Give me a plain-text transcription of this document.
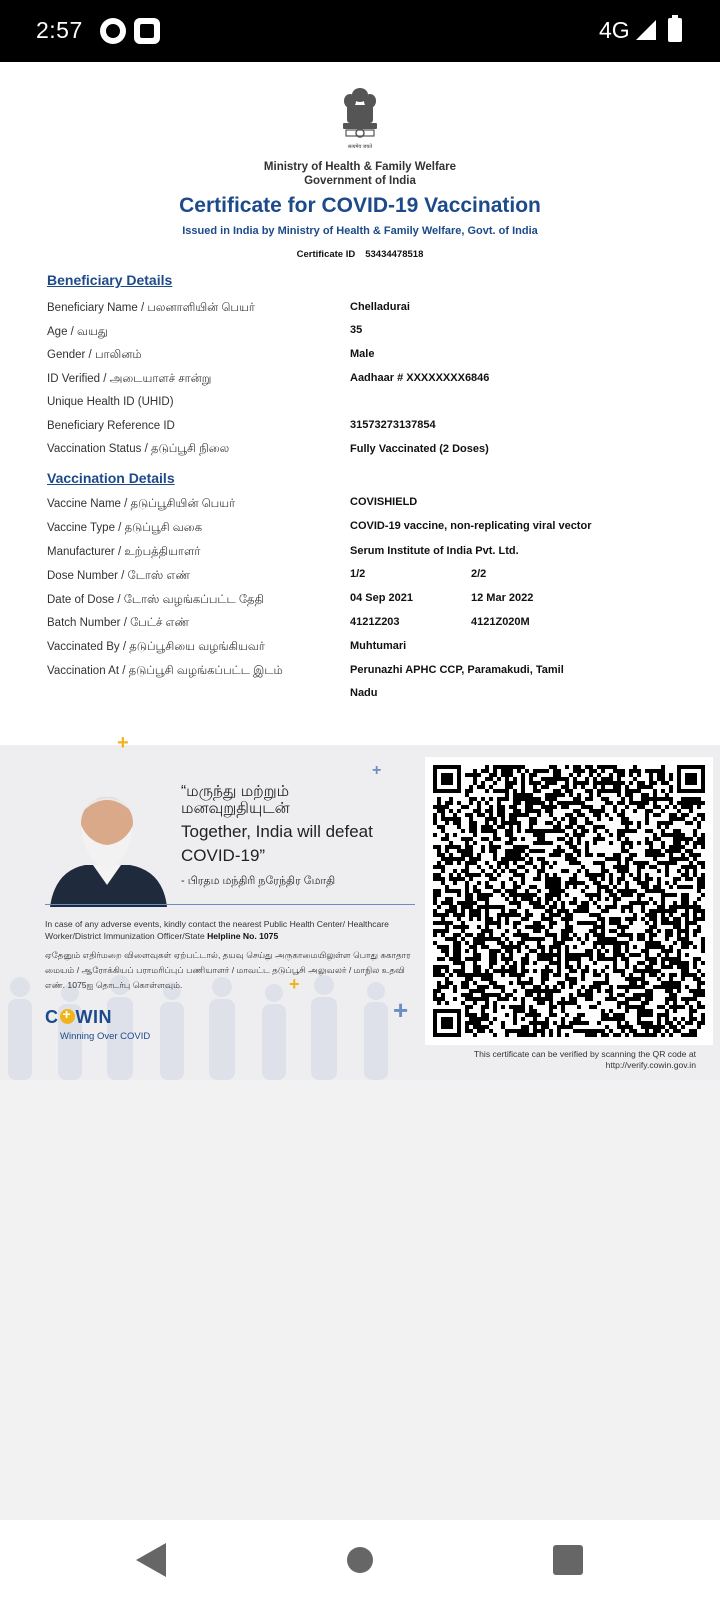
2:57	4G
सत्यमेव जयते
Ministry of Health & Family Welfare
Government of India
Certificate for COVID-19 Vaccination
Issued in India by Ministry of Health & Family Welfare, Govt. of India
Certificate ID 53434478518
Beneficiary Details
Beneficiary Name / பலனாளியின் பெயர்	Chelladurai
Age / வயது	35
Gender / பாலினம்	Male
ID Verified / அடையாளச் சான்று	Aadhaar # XXXXXXXX6846
Unique Health ID (UHID)
Beneficiary Reference ID	31573273137854
Vaccination Status / தடுப்பூசி நிலை	Fully Vaccinated (2 Doses)
Vaccination Details
Vaccine Name / தடுப்பூசியின் பெயர்	COVISHIELD
Vaccine Type / தடுப்பூசி வகை	COVID-19 vaccine, non-replicating viral vector
Manufacturer / உற்பத்தியாளர்	Serum Institute of India Pvt. Ltd.
Dose Number / டோஸ் எண்	1/2	2/2
Date of Dose / டோஸ் வழங்கப்பட்ட தேதி	04 Sep 2021	12 Mar 2022
Batch Number / பேட்ச் எண்	4121Z203	4121Z020M
Vaccinated By / தடுப்பூசியை வழங்கியவர்	Muhtumari
Vaccination At / தடுப்பூசி வழங்கப்பட்ட இடம்	Perunazhi APHC CCP, Paramakudi, Tamil
Nadu
+
+
+
+
“மருந்து மற்றும்
மனவுறுதியுடன்
Together, India will defeat
COVID-19”
- பிரதம மந்திரி நரேந்திர மோதி
In case of any adverse events, kindly contact the nearest Public Health Center/ Healthcare Worker/District Immunization Officer/State Helpline No. 1075
ஏதேனும் எதிர்மறை விளைவுகள் ஏற்பட்டால், தயவு செய்து அருகாமையிலுள்ள பொது சுகாதார மையம் / ஆரோக்கியப் பராமரிப்புப் பணியாளர் / மாவட்ட தடுப்பூசி அலுவலர் / மாநில உதவி எண். 1075ஐ தொடர்பு கொள்ளவும்.
C+ WIN
Winning Over COVID
This certificate can be verified by scanning the QR code at
http://verify.cowin.gov.in
